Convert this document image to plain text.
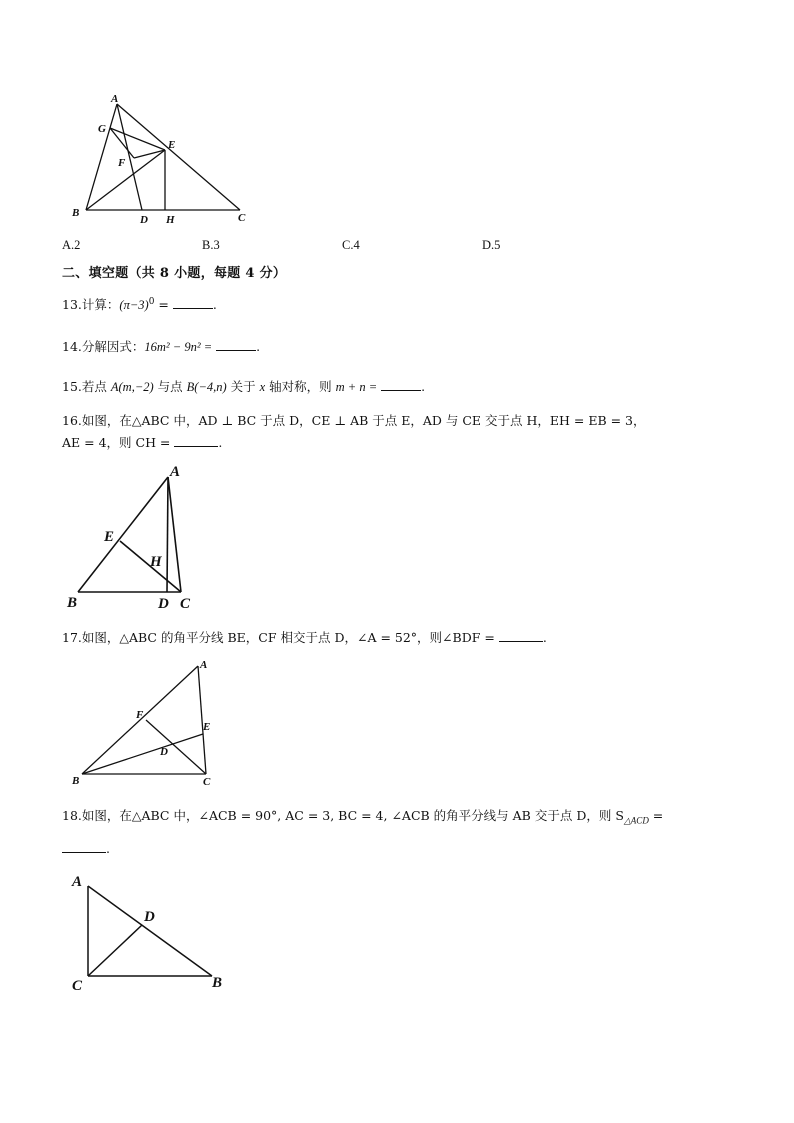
A
G
F
E
B
D H	C
A.2	B.3	C.4	D.5
二、填空题（共 8 小题，每题 4 分）
13.计算：$(\pi-3)^0$ =	.
14.分解因式：16m² − 9n² =	.
15.若点 A(m,−2) 与点 B(−4,n) 关于 x 轴对称，则 m + n =	.
16.如图，在△ABC 中，AD ⊥ BC 于点 D，CE ⊥ AB 于点 E，AD 与 CE 交于点 H，EH = EB = 3，
AE = 4，则 CH =	.
A
E
H
B	D C
17.如图，△ABC 的角平分线 BE，CF 相交于点 D，∠A = 52°，则∠BDF =	.
A
F
E
D
B	C
18.如图，在△ABC 中，∠ACB = 90°, AC = 3, BC = 4, ∠ACB 的角平分线与 AB 交于点 D，则 $S_{\triangle ACD}$ =
.
A
D
C	B
